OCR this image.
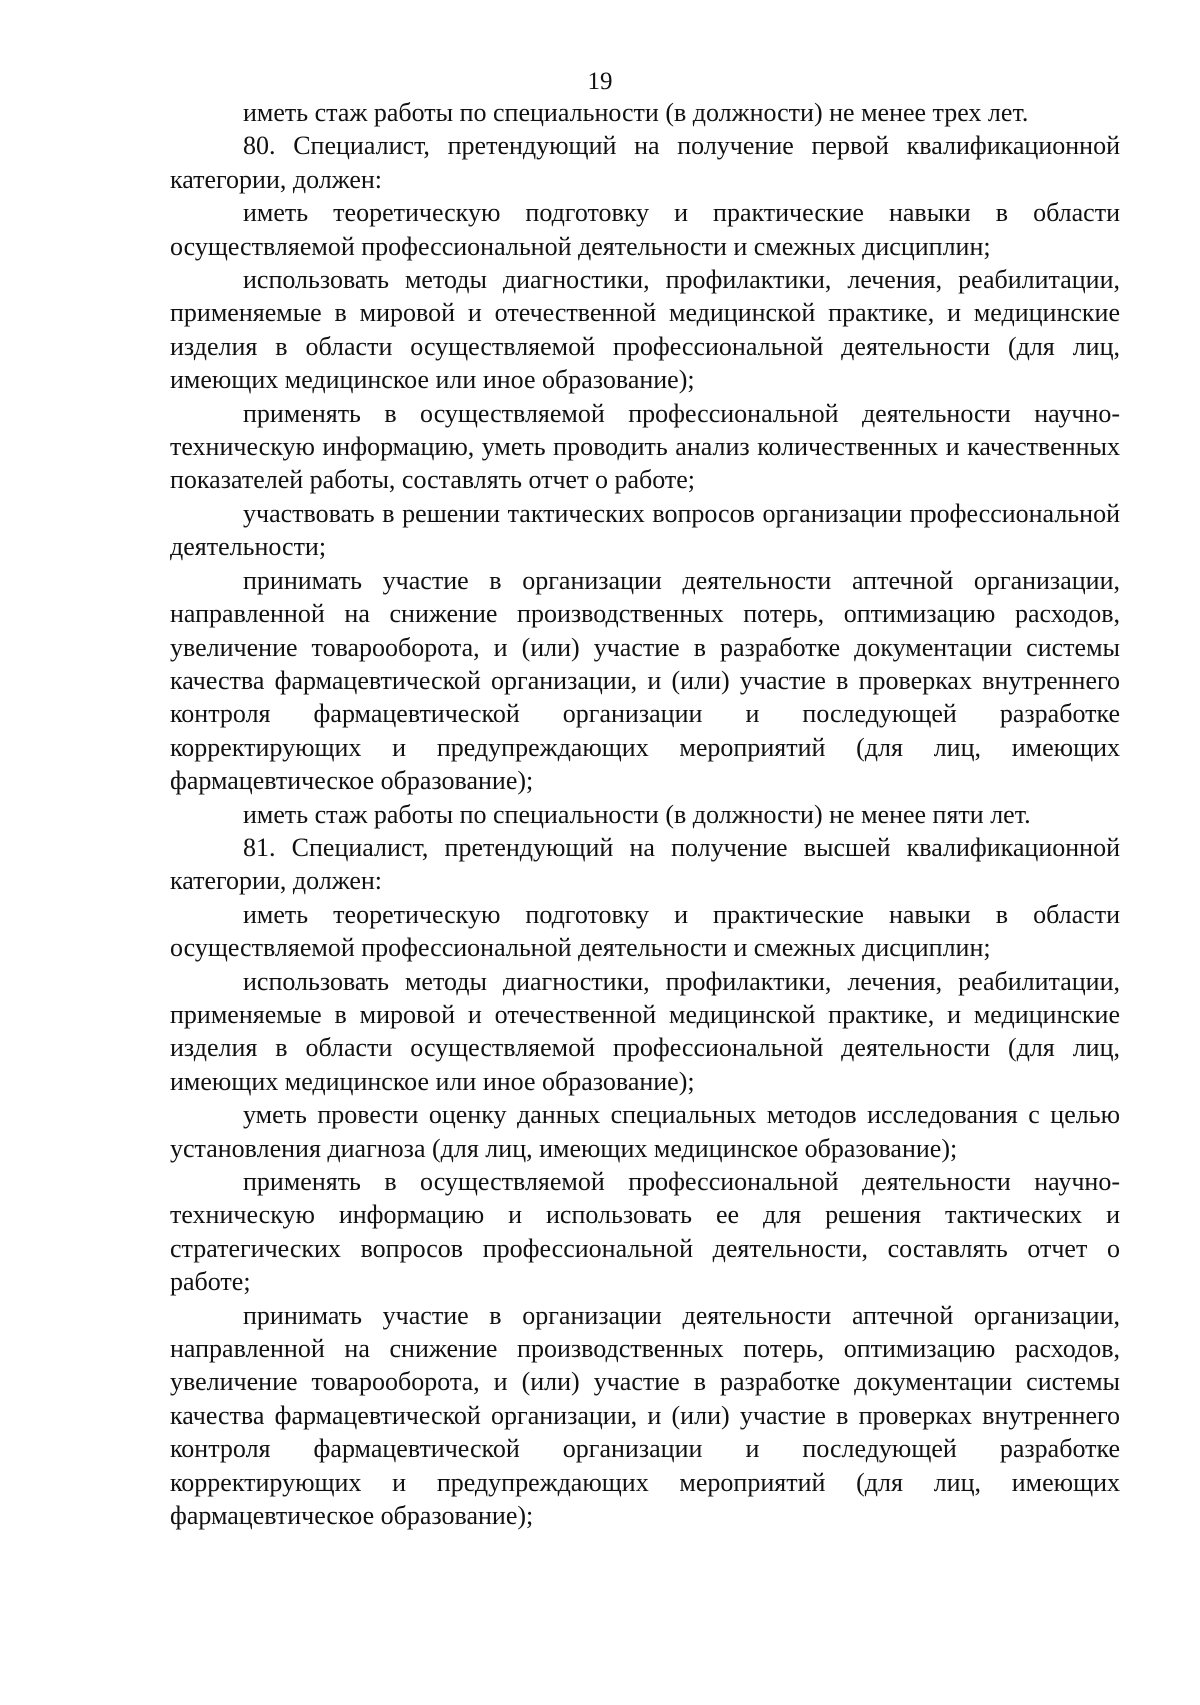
19

иметь стаж работы по специальности (в должности) не менее трех лет.

80. Специалист, претендующий на получение первой квалификационной категории, должен:

иметь теоретическую подготовку и практические навыки в области осуществляемой профессиональной деятельности и смежных дисциплин;

использовать методы диагностики, профилактики, лечения, реабилитации, применяемые в мировой и отечественной медицинской практике, и медицинские изделия в области осуществляемой профессиональной деятельности (для лиц, имеющих медицинское или иное образование);

применять в осуществляемой профессиональной деятельности научно-техническую информацию, уметь проводить анализ количественных и качественных показателей работы, составлять отчет о работе;

участвовать в решении тактических вопросов организации профессиональной деятельности;

принимать участие в организации деятельности аптечной организации, направленной на снижение производственных потерь, оптимизацию расходов, увеличение товарооборота, и (или) участие в разработке документации системы качества фармацевтической организации, и (или) участие в проверках внутреннего контроля фармацевтической организации и последующей разработке корректирующих и предупреждающих мероприятий (для лиц, имеющих фармацевтическое образование);

иметь стаж работы по специальности (в должности) не менее пяти лет.

81. Специалист, претендующий на получение высшей квалификационной категории, должен:

иметь теоретическую подготовку и практические навыки в области осуществляемой профессиональной деятельности и смежных дисциплин;

использовать методы диагностики, профилактики, лечения, реабилитации, применяемые в мировой и отечественной медицинской практике, и медицинские изделия в области осуществляемой профессиональной деятельности (для лиц, имеющих медицинское или иное образование);

уметь провести оценку данных специальных методов исследования с целью установления диагноза (для лиц, имеющих медицинское образование);

применять в осуществляемой профессиональной деятельности научно-техническую информацию и использовать ее для решения тактических и стратегических вопросов профессиональной деятельности, составлять отчет о работе;

принимать участие в организации деятельности аптечной организации, направленной на снижение производственных потерь, оптимизацию расходов, увеличение товарооборота, и (или) участие в разработке документации системы качества фармацевтической организации, и (или) участие в проверках внутреннего контроля фармацевтической организации и последующей разработке корректирующих и предупреждающих мероприятий (для лиц, имеющих фармацевтическое образование);
